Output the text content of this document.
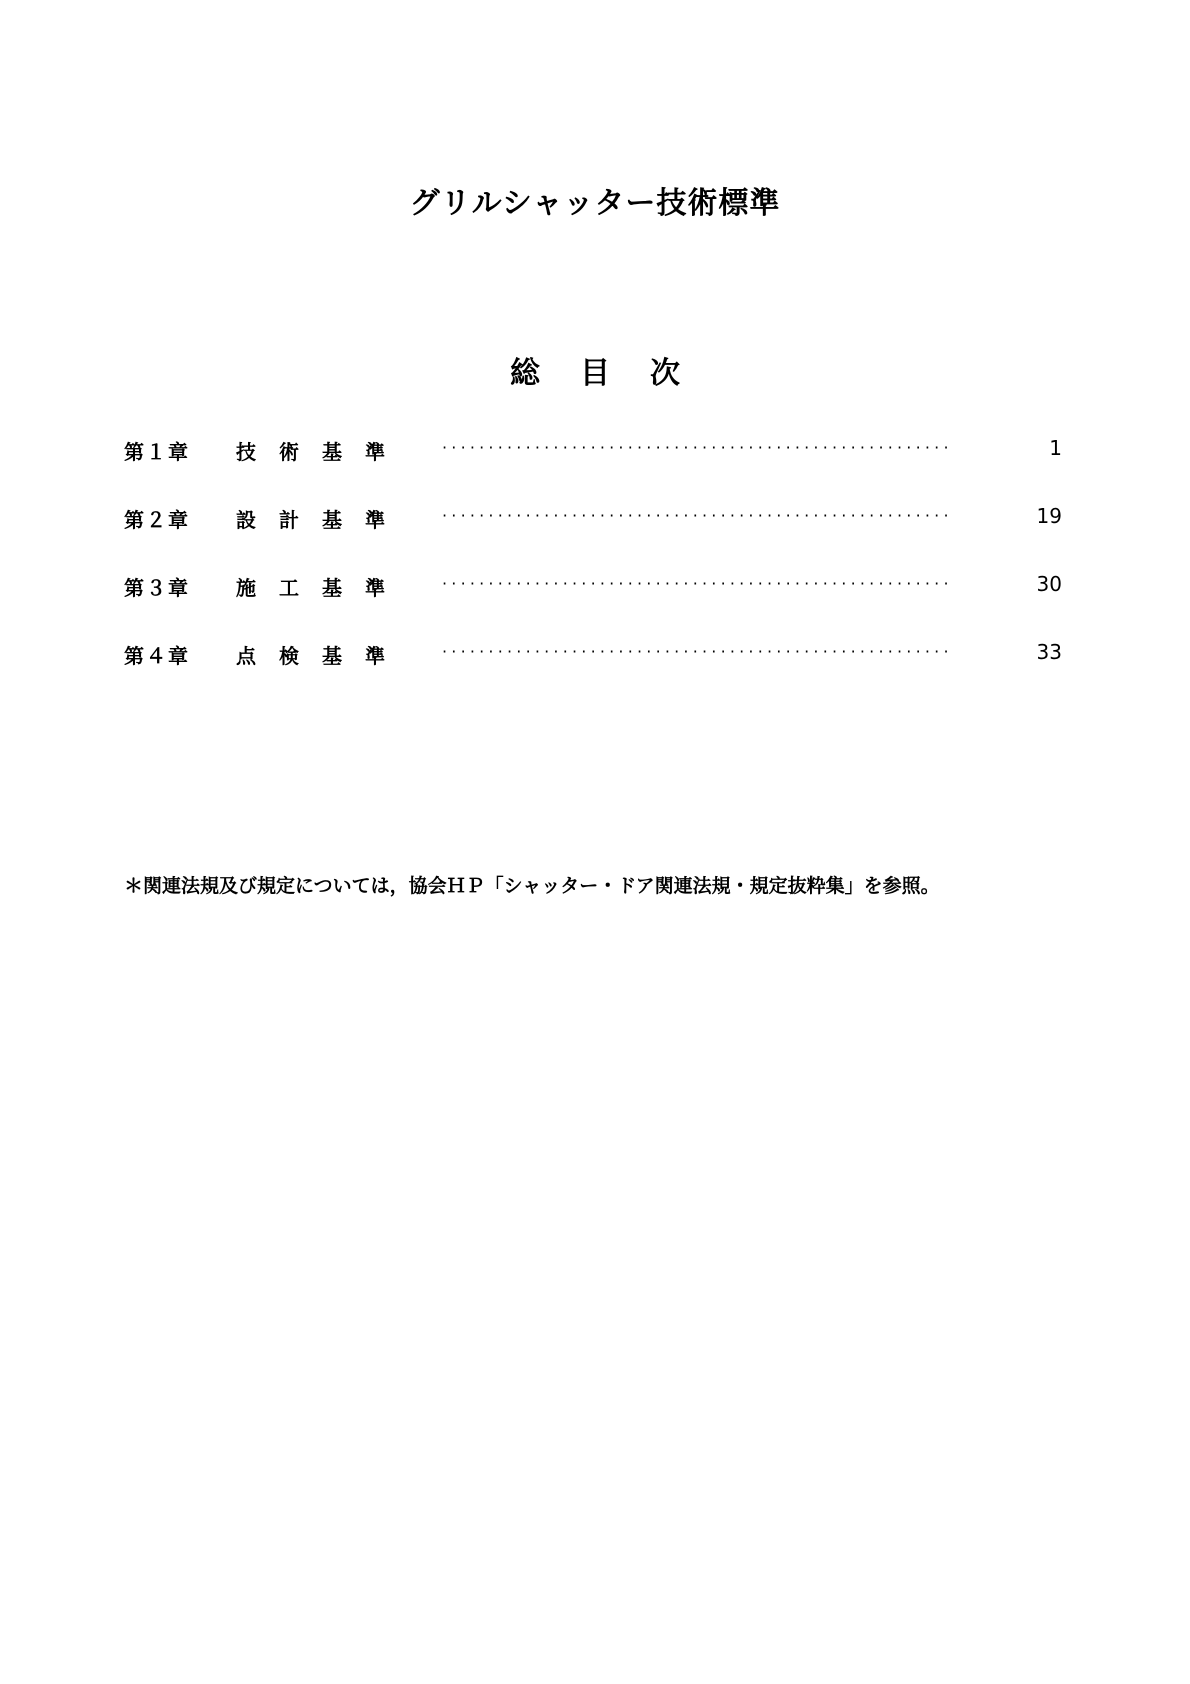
グリルシャッター技術標準
総 目 次
第１章 技 術 基 準	·······················································	1
第２章 設 計 基 準	·······················································	19
第３章 施 工 基 準	·······················································	30
第４章 点 検 基 準	·······················································	33

＊関連法規及び規定については，協会ＨＰ「シャッター・ドア関連法規・規定抜粋集」を参照。
